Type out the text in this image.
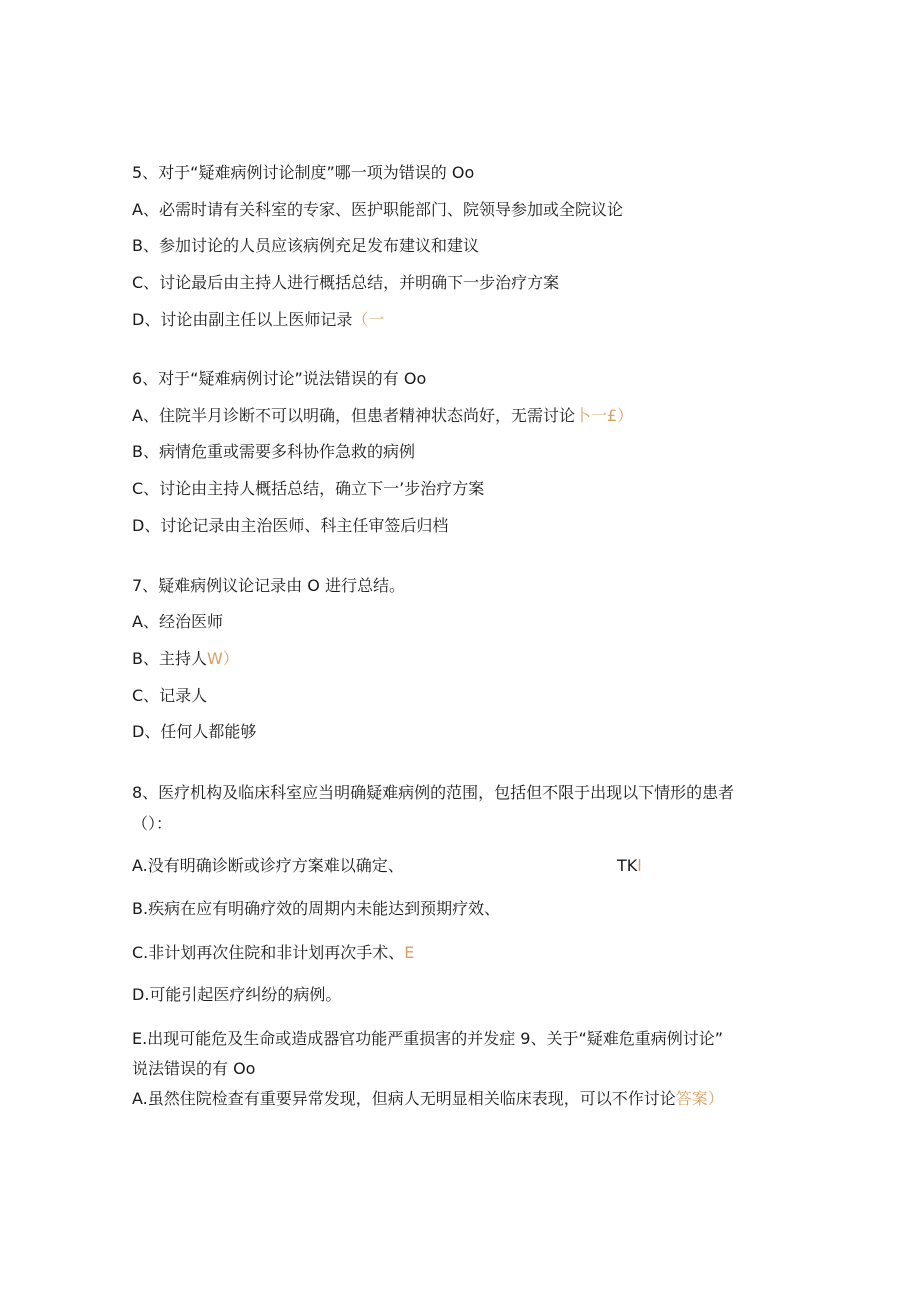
5、对于“疑难病例讨论制度”哪一项为错误的 Oo
A、必需时请有关科室的专家、医护职能部门、院领导参加或全院议论
B、参加讨论的人员应该病例充足发布建议和建议
C、讨论最后由主持人进行概括总结，并明确下一步治疗方案
D、讨论由副主任以上医师记录（一
6、对于“疑难病例讨论”说法错误的有 Oo
A、住院半月诊断不可以明确，但患者精神状态尚好，无需讨论卜一£）
B、病情危重或需要多科协作急救的病例
C、讨论由主持人概括总结，确立下一’步治疗方案
D、讨论记录由主治医师、科主任审签后归档
7、疑难病例议论记录由 O 进行总结。
A、经治医师
B、主持人W）
C、记录人
D、任何人都能够
8、医疗机构及临床科室应当明确疑难病例的范围，包括但不限于出现以下情形的患者
（）：
A.没有明确诊断或诊疗方案难以确定、	TKl
B.疾病在应有明确疗效的周期内未能达到预期疗效、
C.非计划再次住院和非计划再次手术、E
D.可能引起医疗纠纷的病例。
E.出现可能危及生命或造成器官功能严重损害的并发症 9、关于“疑难危重病例讨论”
说法错误的有 Oo
A.虽然住院检查有重要异常发现，但病人无明显相关临床表现，可以不作讨论答案）
